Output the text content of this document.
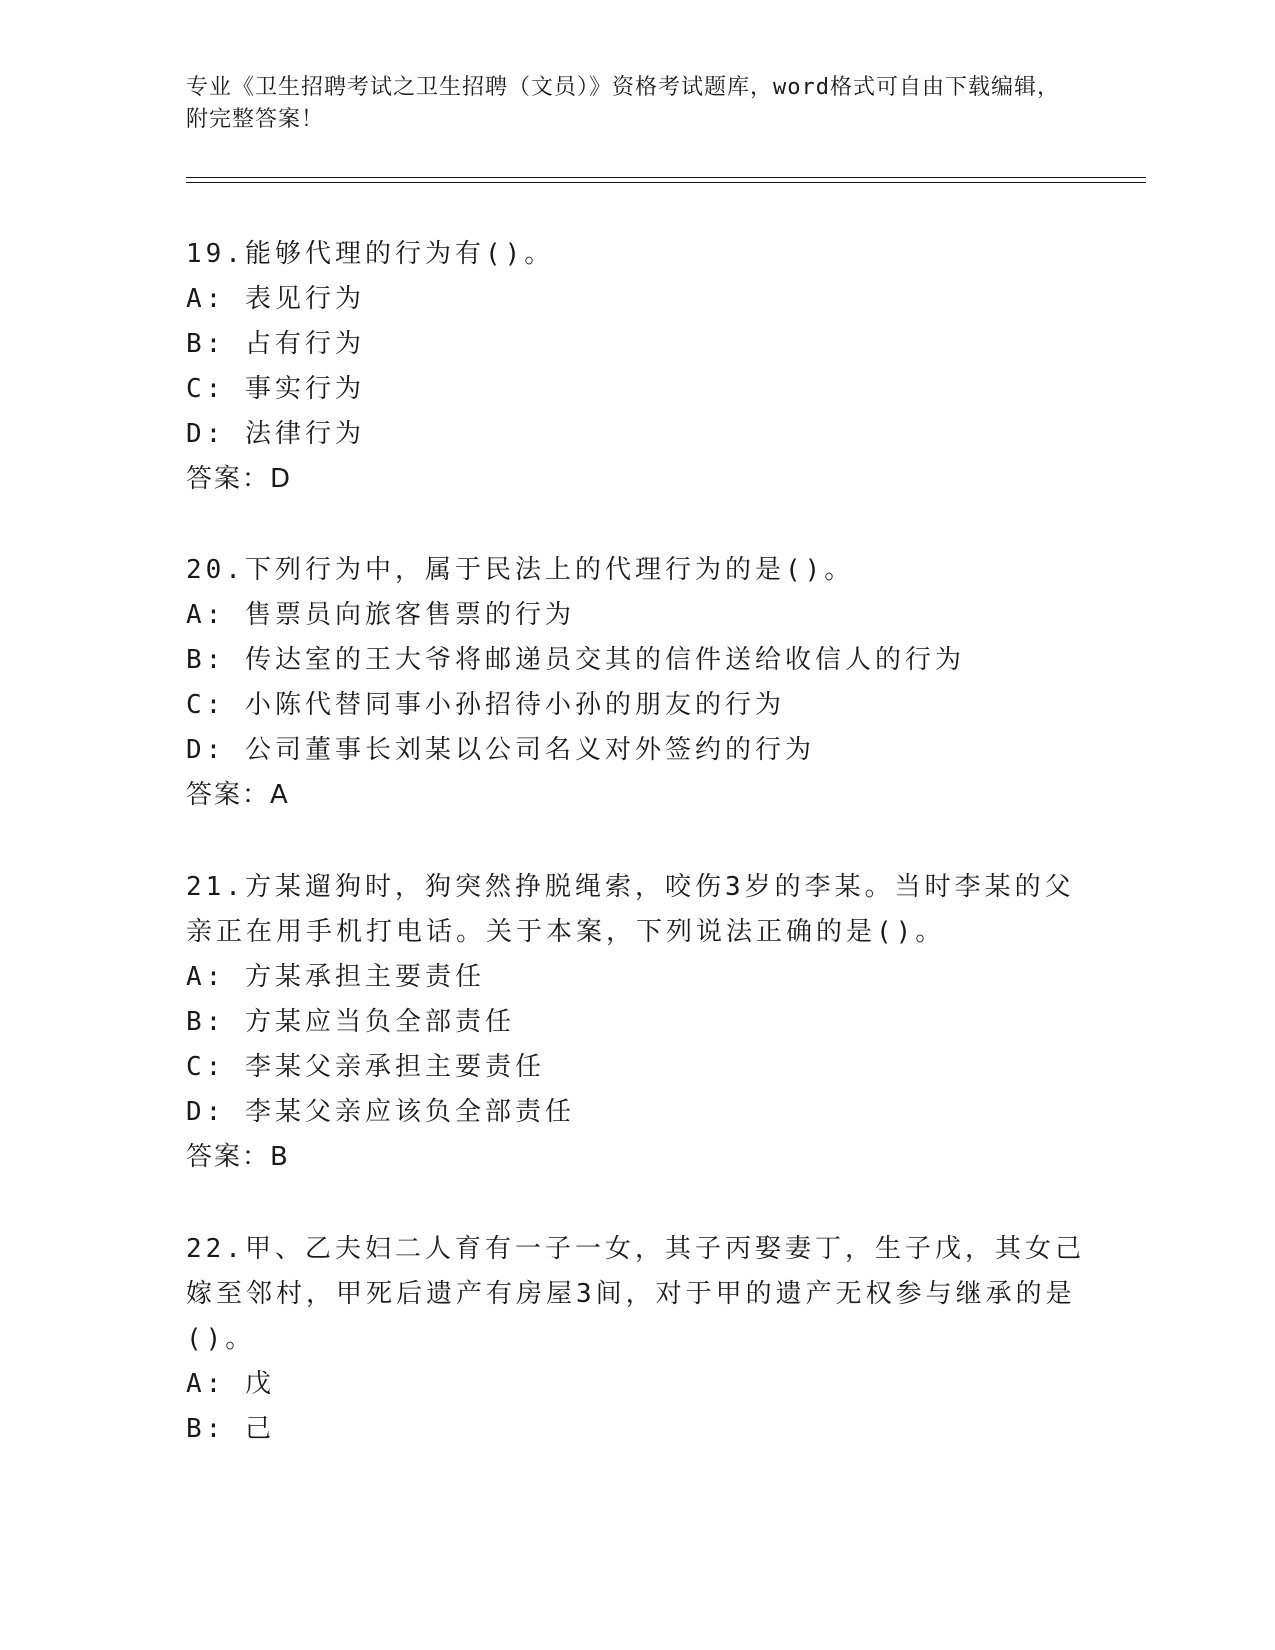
专业《卫生招聘考试之卫生招聘（文员）》资格考试题库，word格式可自由下载编辑，附完整答案！

19.能够代理的行为有()。

A: 表见行为

B: 占有行为

C: 事实行为

D: 法律行为

答案：D

20.下列行为中，属于民法上的代理行为的是()。

A: 售票员向旅客售票的行为

B: 传达室的王大爷将邮递员交其的信件送给收信人的行为

C: 小陈代替同事小孙招待小孙的朋友的行为

D: 公司董事长刘某以公司名义对外签约的行为

答案：A

21.方某遛狗时，狗突然挣脱绳索，咬伤3岁的李某。当时李某的父亲正在用手机打电话。关于本案，下列说法正确的是()。

A: 方某承担主要责任

B: 方某应当负全部责任

C: 李某父亲承担主要责任

D: 李某父亲应该负全部责任

答案：B

22.甲、乙夫妇二人育有一子一女，其子丙娶妻丁，生子戊，其女己嫁至邻村，甲死后遗产有房屋3间，对于甲的遗产无权参与继承的是()。

A: 戊

B: 己
